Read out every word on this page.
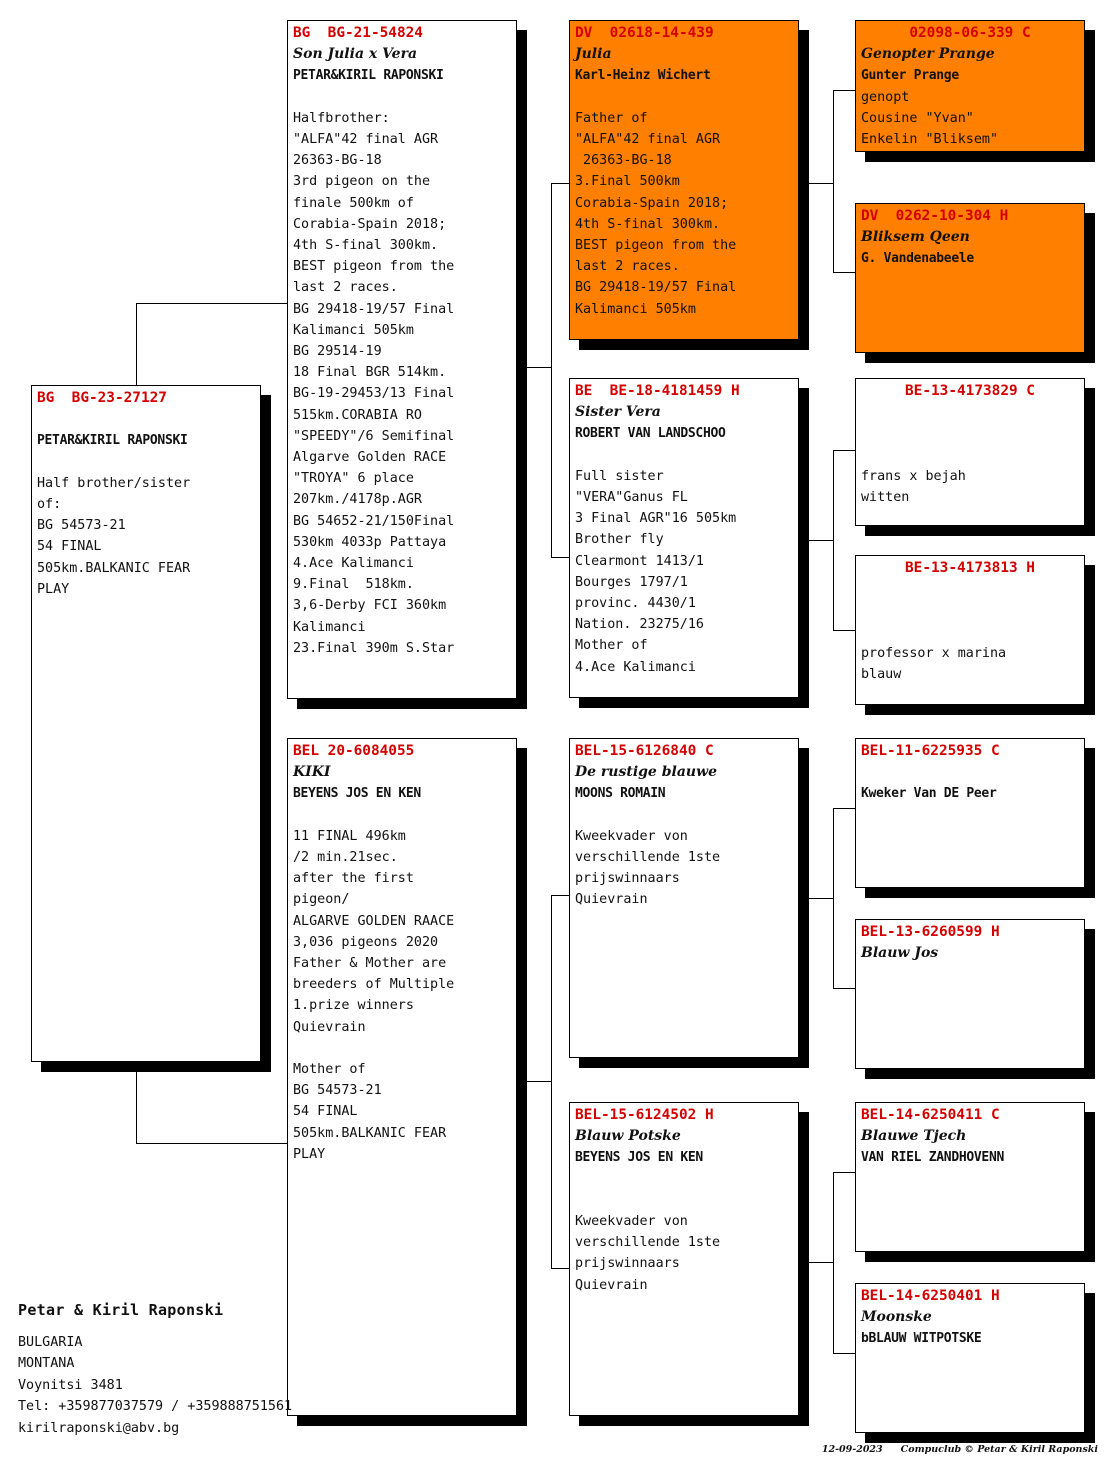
BG  BG-23-27127

PETAR&KIRIL RAPONSKI

Half brother/sister
of:
BG 54573-21
54 FINAL
505km.BALKANIC FEAR
PLAY
BG  BG-21-54824
Son Julia x Vera
PETAR&KIRIL RAPONSKI

Halfbrother:
"ALFA"42 final AGR
26363-BG-18
3rd pigeon on the
finale 500km of
Corabia-Spain 2018;
4th S-final 300km.
BEST pigeon from the
last 2 races.
BG 29418-19/57 Final
Kalimanci 505km
BG 29514-19
18 Final BGR 514km.
BG-19-29453/13 Final
515km.CORABIA RO
"SPEEDY"/6 Semifinal
Algarve Golden RACE
"TROYA" 6 place
207km./4178p.AGR
BG 54652-21/150Final
530km 4033p Pattaya
4.Ace Kalimanci
9.Final  518km.
3,6-Derby FCI 360km
Kalimanci
23.Final 390m S.Star
BEL 20-6084055
KIKI
BEYENS JOS EN KEN

11 FINAL 496km
/2 min.21sec.
after the first
pigeon/
ALGARVE GOLDEN RAACE
3,036 pigeons 2020
Father & Mother are
breeders of Multiple
1.prize winners
Quievrain

Mother of
BG 54573-21
54 FINAL
505km.BALKANIC FEAR
PLAY
DV  02618-14-439
Julia
Karl-Heinz Wichert

Father of
"ALFA"42 final AGR
26363-BG-18
3.Final 500km
Corabia-Spain 2018;
4th S-final 300km.
BEST pigeon from the
last 2 races.
BG 29418-19/57 Final
Kalimanci 505km
BE  BE-18-4181459 H
Sister Vera
ROBERT VAN LANDSCHOO

Full sister
"VERA"Ganus FL
3 Final AGR"16 505km
Brother fly
Clearmont 1413/1
Bourges 1797/1
provinc. 4430/1
Nation. 23275/16
Mother of
4.Ace Kalimanci
BEL-15-6126840 C
De rustige blauwe
MOONS ROMAIN

Kweekvader von
verschillende 1ste
prijswinnaars
Quievrain
BEL-15-6124502 H
Blauw Potske
BEYENS JOS EN KEN

Kweekvader von
verschillende 1ste
prijswinnaars
Quievrain
02098-06-339 C
Genopter Prange
Gunter Prange
genopt
Cousine "Yvan"
Enkelin "Bliksem"
DV  0262-10-304 H
Bliksem Qeen
G. Vandenabeele
BE-13-4173829 C

frans x bejah
witten
BE-13-4173813 H

professor x marina
blauw
BEL-11-6225935 C

Kweker Van DE Peer
BEL-13-6260599 H
Blauw Jos
BEL-14-6250411 C
Blauwe Tjech
VAN RIEL ZANDHOVENN
BEL-14-6250401 H
Moonske
bBLAUW WITPOTSKE
Petar & Kiril Raponski
BULGARIA
MONTANA
Voynitsi 3481
Tel: +359877037579 / +359888751561
kirilraponski@abv.bg
12-09-2023 Compuclub © Petar & Kiril Raponski
